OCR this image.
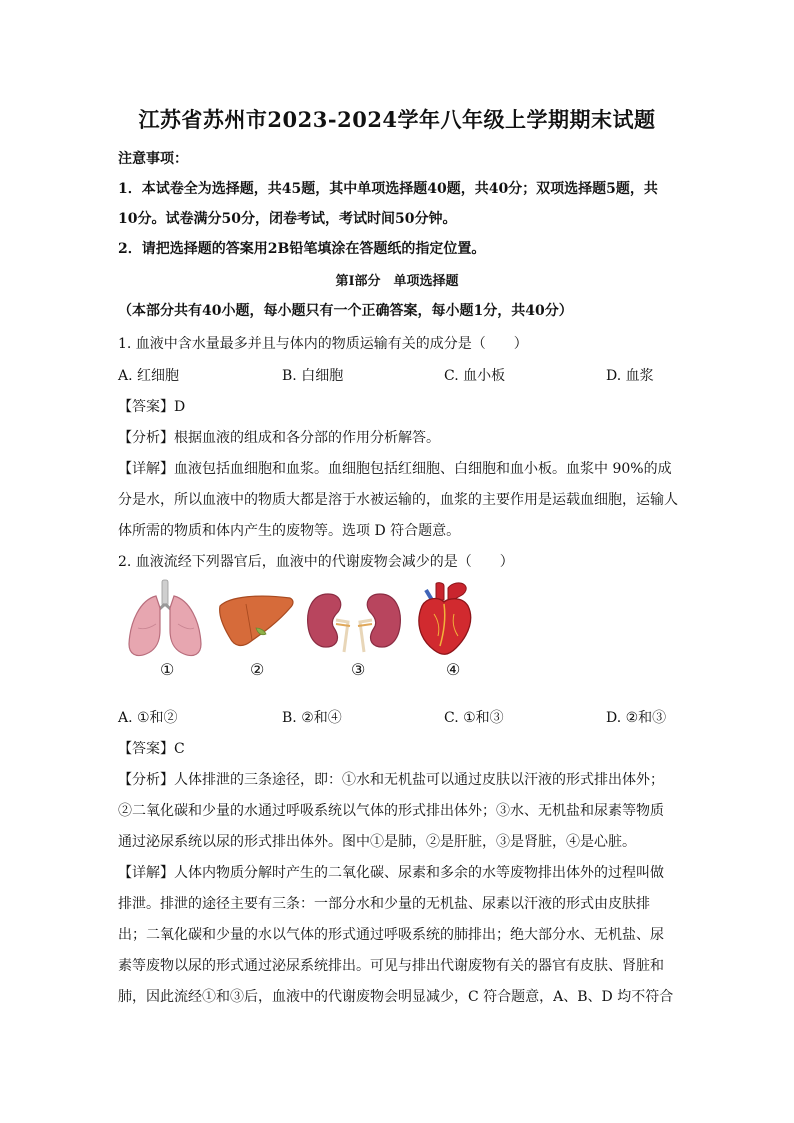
江苏省苏州市2023-2024学年八年级上学期期末试题
注意事项：
1．本试卷全为选择题，共45题，其中单项选择题40题，共40分；双项选择题5题，共
10分。试卷满分50分，闭卷考试，考试时间50分钟。
2．请把选择题的答案用2B铅笔填涂在答题纸的指定位置。
第Ⅰ部分　单项选择题
（本部分共有40小题，每小题只有一个正确答案，每小题1分，共40分）
1. 血液中含水量最多并且与体内的物质运输有关的成分是（　　）
A. 红细胞	B. 白细胞	C. 血小板	D. 血浆
【答案】D
【分析】根据血液的组成和各分部的作用分析解答。
【详解】血液包括血细胞和血浆。血细胞包括红细胞、白细胞和血小板。血浆中 90%的成
分是水，所以血液中的物质大都是溶于水被运输的，血浆的主要作用是运载血细胞，运输人
体所需的物质和体内产生的废物等。选项 D 符合题意。
2. 血液流经下列器官后，血液中的代谢废物会减少的是（　　）
①	②	③	④
A. ①和②	B. ②和④	C. ①和③	D. ②和③
【答案】C
【分析】人体排泄的三条途径，即：①水和无机盐可以通过皮肤以汗液的形式排出体外；
②二氧化碳和少量的水通过呼吸系统以气体的形式排出体外；③水、无机盐和尿素等物质
通过泌尿系统以尿的形式排出体外。图中①是肺，②是肝脏，③是肾脏，④是心脏。
【详解】人体内物质分解时产生的二氧化碳、尿素和多余的水等废物排出体外的过程叫做
排泄。排泄的途径主要有三条：一部分水和少量的无机盐、尿素以汗液的形式由皮肤排
出；二氧化碳和少量的水以气体的形式通过呼吸系统的肺排出；绝大部分水、无机盐、尿
素等废物以尿的形式通过泌尿系统排出。可见与排出代谢废物有关的器官有皮肤、肾脏和
肺，因此流经①和③后，血液中的代谢废物会明显减少，C 符合题意，A、B、D 均不符合
